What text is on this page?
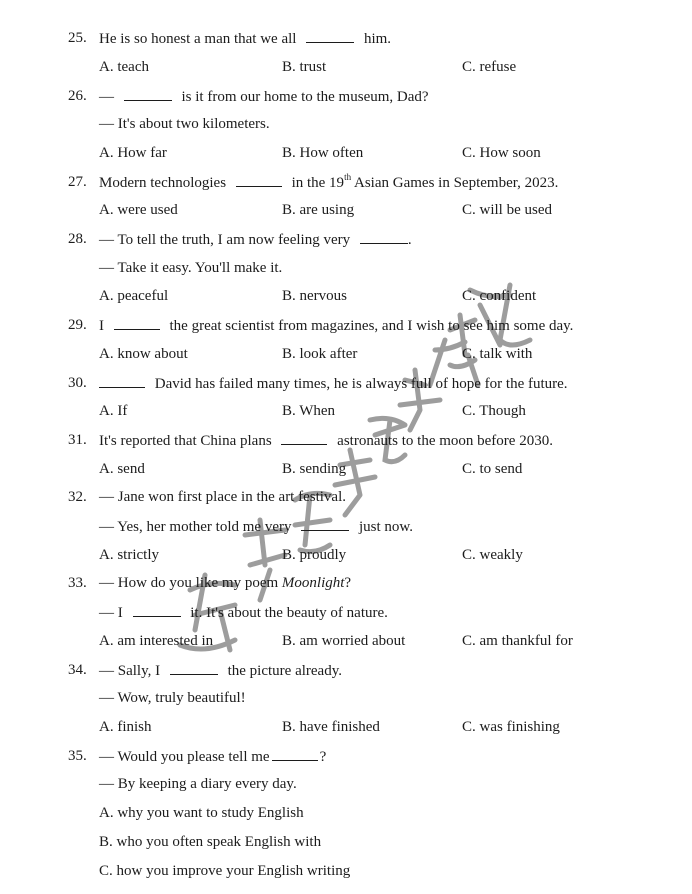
25. He is so honest a man that we all	him.
A. teach	B. trust	C. refuse
26. —	is it from our home to the museum, Dad?
— It's about two kilometers.
A. How far	B. How often	C. How soon
27. Modern technologies	in the 19th Asian Games in September, 2023.
A. were used	B. are using	C. will be used
28. — To tell the truth, I am now feeling very	.
— Take it easy. You'll make it.
A. peaceful	B. nervous	C. confident
29. I	the great scientist from magazines, and I wish to see him some day.
A. know about	B. look after	C. talk with
30.	David has failed many times, he is always full of hope for the future.
A. If	B. When	C. Though
31. It's reported that China plans	astronauts to the moon before 2030.
A. send	B. sending	C. to send
32. — Jane won first place in the art festival.
— Yes, her mother told me very	just now.
A. strictly	B. proudly	C. weakly
33. — How do you like my poem Moonlight?
— I	it. It's about the beauty of nature.
A. am interested in	B. am worried about	C. am thankful for
34. — Sally, I	the picture already.
— Wow, truly beautiful!
A. finish	B. have finished	C. was finishing
35. — Would you please tell me	?
— By keeping a diary every day.
A. why you want to study English
B. who you often speak English with
C. how you improve your English writing
